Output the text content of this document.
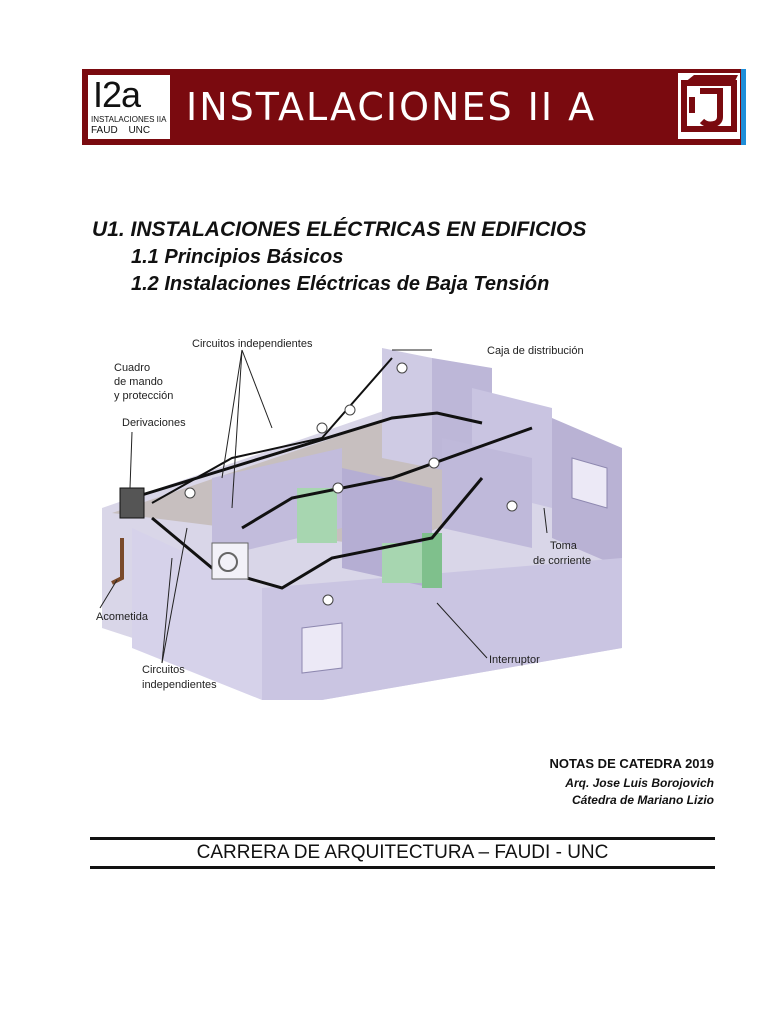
I2a
INSTALACIONES IIA
FAUD UNC
INSTALACIONES II A
U1. INSTALACIONES ELÉCTRICAS EN EDIFICIOS
1.1 Principios Básicos
1.2 Instalaciones Eléctricas de Baja Tensión
Circuitos independientes
Caja de distribución
Cuadro
de mando
y protección
Derivaciones
Toma
de corriente
Acometida
Interruptor
Circuitos
independientes
NOTAS DE CATEDRA 2019
Arq. Jose Luis Borojovich
Cátedra de Mariano Lizio
CARRERA DE ARQUITECTURA – FAUDI - UNC
